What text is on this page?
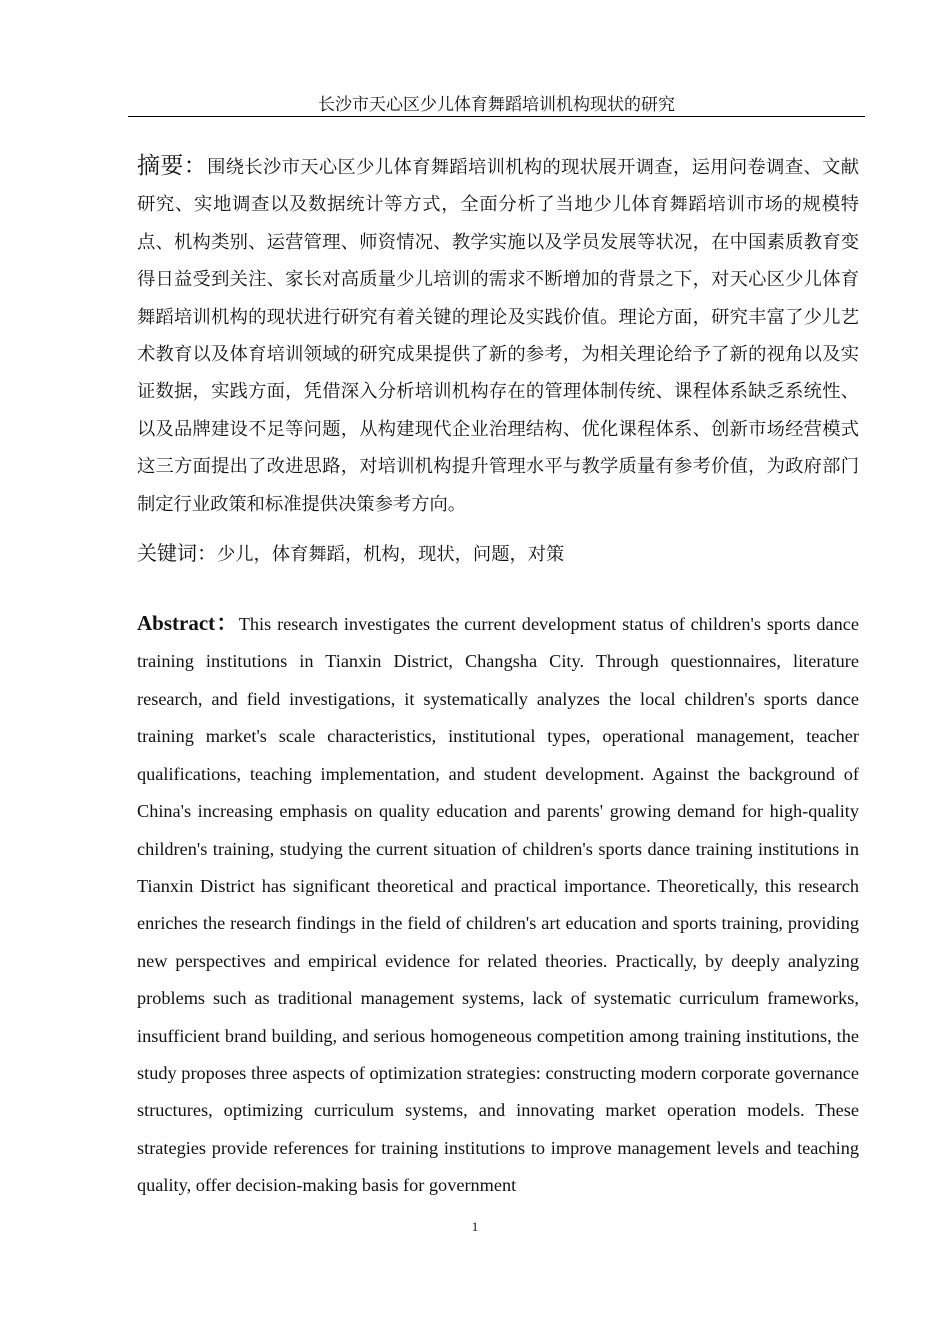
长沙市天心区少儿体育舞蹈培训机构现状的研究

摘要：围绕长沙市天心区少儿体育舞蹈培训机构的现状展开调查，运用问卷调查、文献研究、实地调查以及数据统计等方式，全面分析了当地少儿体育舞蹈培训市场的规模特点、机构类别、运营管理、师资情况、教学实施以及学员发展等状况，在中国素质教育变得日益受到关注、家长对高质量少儿培训的需求不断增加的背景之下，对天心区少儿体育舞蹈培训机构的现状进行研究有着关键的理论及实践价值。理论方面，研究丰富了少儿艺术教育以及体育培训领域的研究成果提供了新的参考，为相关理论给予了新的视角以及实证数据，实践方面，凭借深入分析培训机构存在的管理体制传统、课程体系缺乏系统性、以及品牌建设不足等问题，从构建现代企业治理结构、优化课程体系、创新市场经营模式这三方面提出了改进思路，对培训机构提升管理水平与教学质量有参考价值，为政府部门制定行业政策和标准提供决策参考方向。

关键词：少儿，体育舞蹈，机构，现状，问题，对策

Abstract：This research investigates the current development status of children's sports dance training institutions in Tianxin District, Changsha City. Through questionnaires, literature research, and field investigations, it systematically analyzes the local children's sports dance training market's scale characteristics, institutional types, operational management, teacher qualifications, teaching implementation, and student development. Against the background of China's increasing emphasis on quality education and parents' growing demand for high-quality children's training, studying the current situation of children's sports dance training institutions in Tianxin District has significant theoretical and practical importance. Theoretically, this research enriches the research findings in the field of children's art education and sports training, providing new perspectives and empirical evidence for related theories. Practically, by deeply analyzing problems such as traditional management systems, lack of systematic curriculum frameworks, insufficient brand building, and serious homogeneous competition among training institutions, the study proposes three aspects of optimization strategies: constructing modern corporate governance structures, optimizing curriculum systems, and innovating market operation models. These strategies provide references for training institutions to improve management levels and teaching quality, offer decision-making basis for government

1
